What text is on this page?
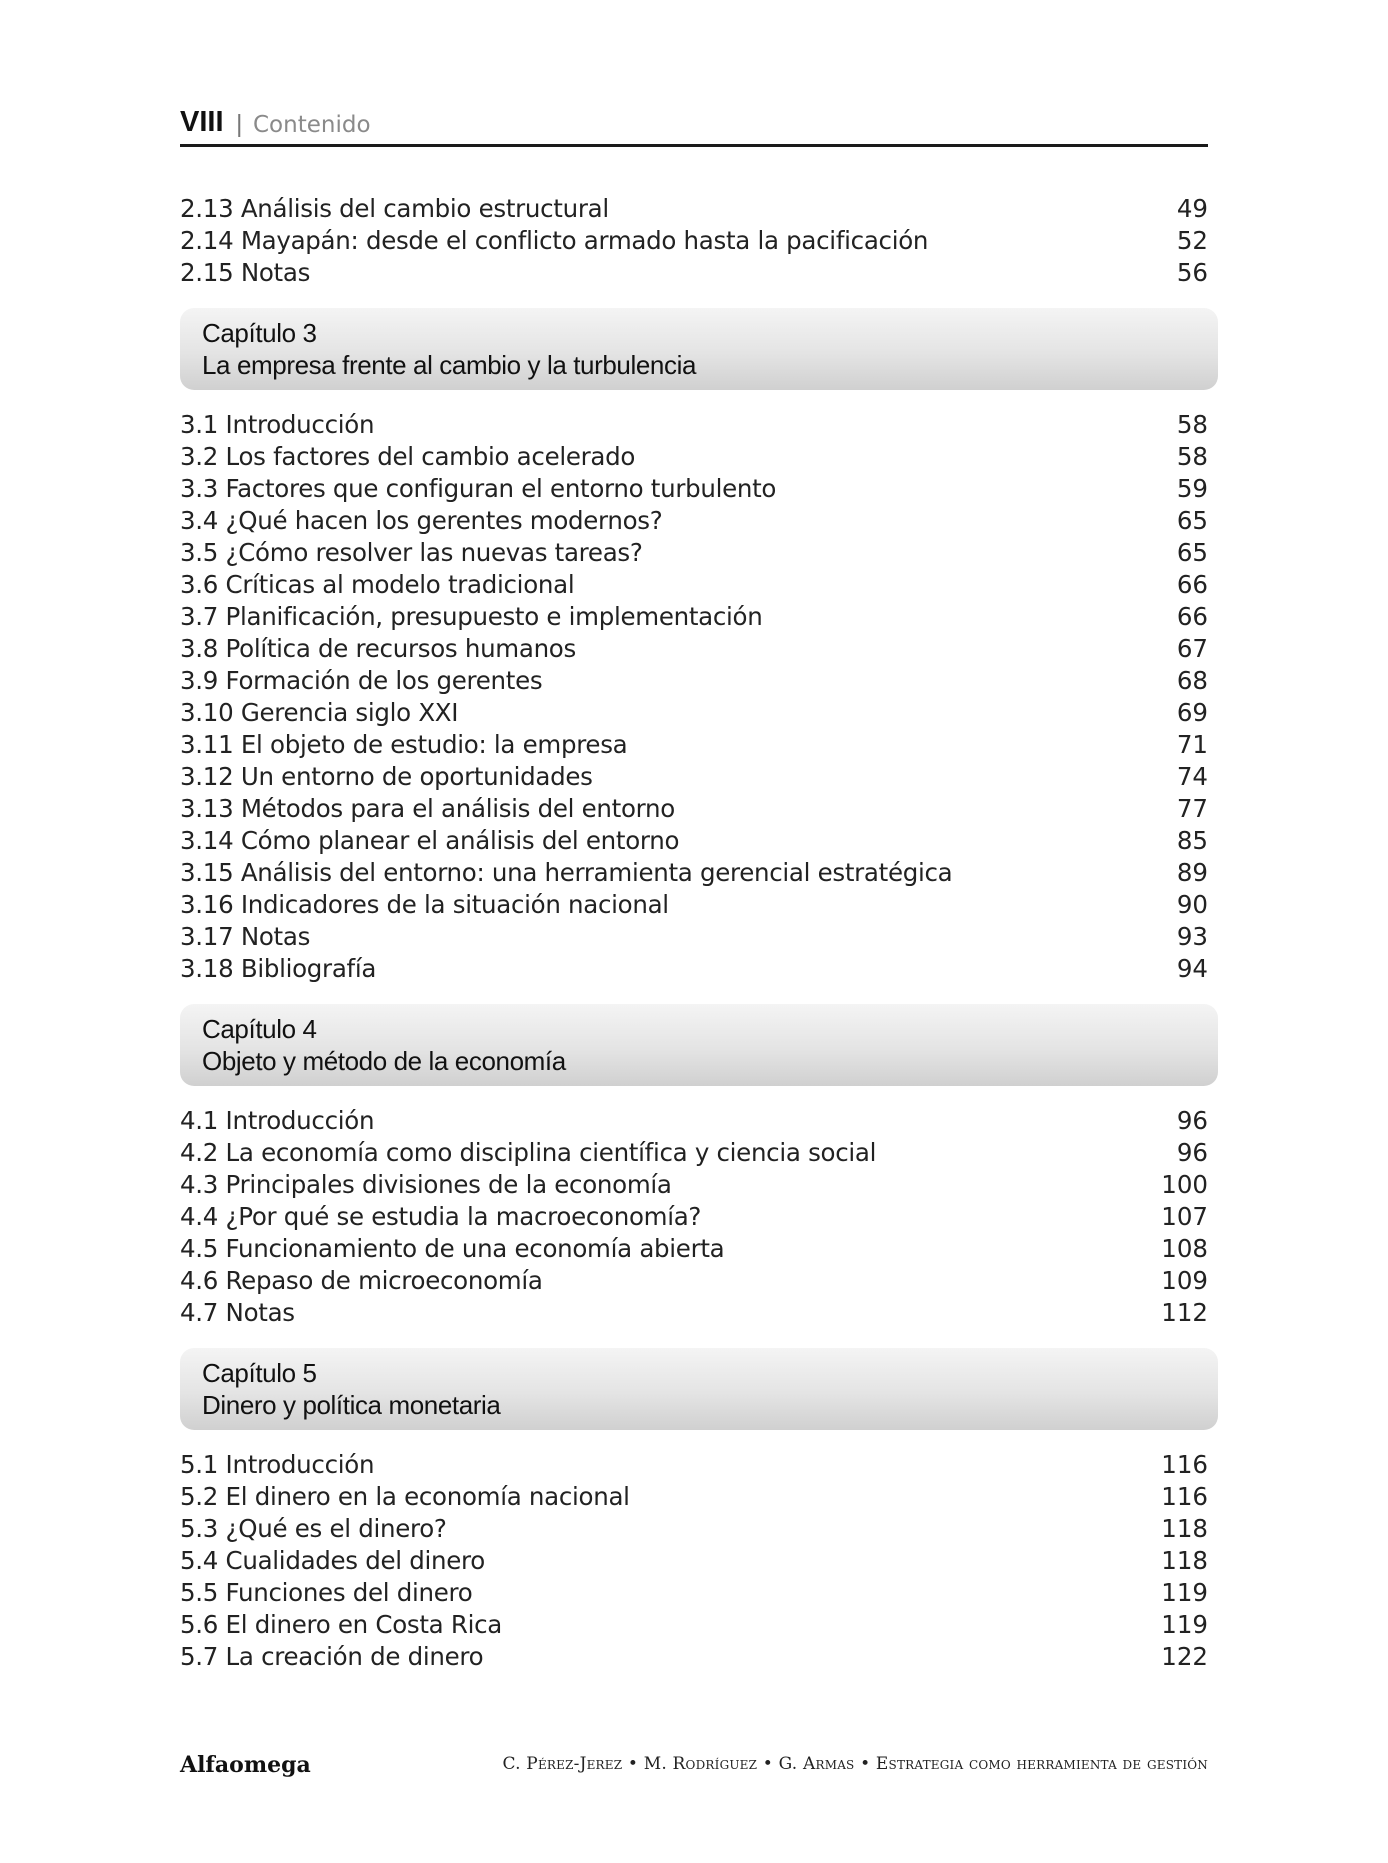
VIII | Contenido
2.13 Análisis del cambio estructural	49
2.14 Mayapán: desde el conflicto armado hasta la pacificación	52
2.15 Notas	56
Capítulo 3
La empresa frente al cambio y la turbulencia
3.1 Introducción	58
3.2 Los factores del cambio acelerado	58
3.3 Factores que configuran el entorno turbulento	59
3.4 ¿Qué hacen los gerentes modernos?	65
3.5 ¿Cómo resolver las nuevas tareas?	65
3.6 Críticas al modelo tradicional	66
3.7 Planificación, presupuesto e implementación	66
3.8 Política de recursos humanos	67
3.9 Formación de los gerentes	68
3.10 Gerencia siglo XXI	69
3.11 El objeto de estudio: la empresa	71
3.12 Un entorno de oportunidades	74
3.13 Métodos para el análisis del entorno	77
3.14 Cómo planear el análisis del entorno	85
3.15 Análisis del entorno: una herramienta gerencial estratégica	89
3.16 Indicadores de la situación nacional	90
3.17 Notas	93
3.18 Bibliografía	94
Capítulo 4
Objeto y método de la economía
4.1 Introducción	96
4.2 La economía como disciplina científica y ciencia social	96
4.3 Principales divisiones de la economía	100
4.4 ¿Por qué se estudia la macroeconomía?	107
4.5 Funcionamiento de una economía abierta	108
4.6 Repaso de microeconomía	109
4.7 Notas	112
Capítulo 5
Dinero y política monetaria
5.1 Introducción	116
5.2 El dinero en la economía nacional	116
5.3 ¿Qué es el dinero?	118
5.4 Cualidades del dinero	118
5.5 Funciones del dinero	119
5.6 El dinero en Costa Rica	119
5.7 La creación de dinero	122
Alfaomega	C. Pérez-Jerez • M. Rodríguez • G. Armas • Estrategia como herramienta de gestión
